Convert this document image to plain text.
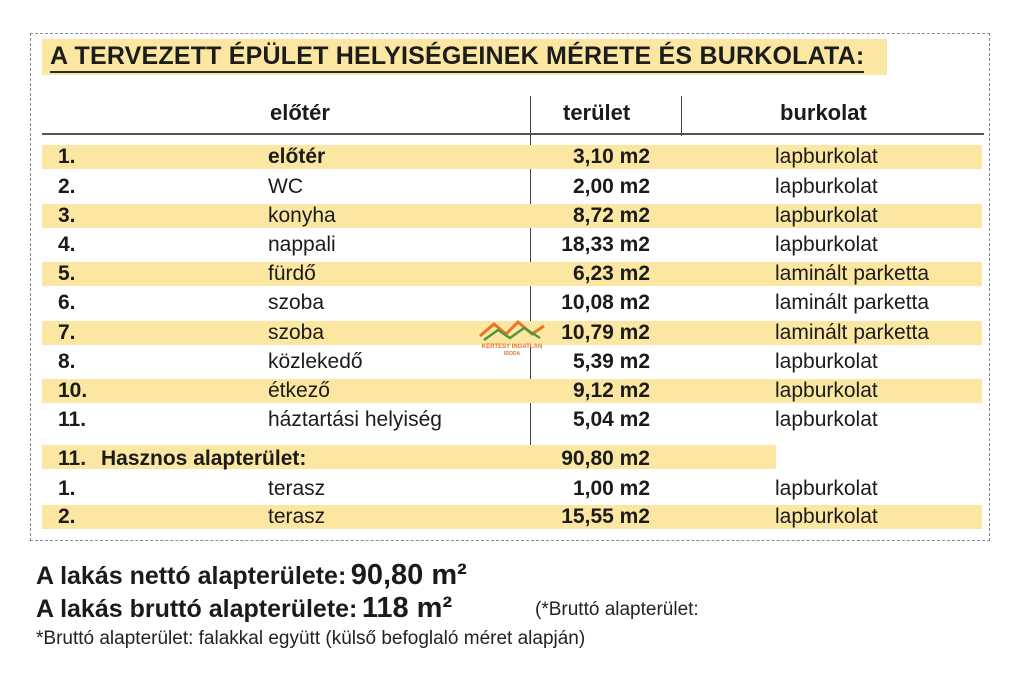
A TERVEZETT ÉPÜLET HELYISÉGEINEK MÉRETE ÉS BURKOLATA:
előtér	terület	burkolat
1.	előtér	3,10 m2	lapburkolat
2.	WC	2,00 m2	lapburkolat
3.	konyha	8,72 m2	lapburkolat
4.	nappali	18,33 m2	lapburkolat
5.	fürdő	6,23 m2	laminált parketta
6.	szoba	10,08 m2	laminált parketta
7.	szoba	10,79 m2	laminált parketta
8.	közlekedő	5,39 m2	lapburkolat
10.	étkező	9,12 m2	lapburkolat
11.	háztartási helyiség	5,04 m2	lapburkolat
11. Hasznos alapterület:	90,80 m2
1.	terasz	1,00 m2	lapburkolat
2.	terasz	15,55 m2	lapburkolat
KERTESY INGATLAN
IRODA
A lakás nettó alapterülete: 90,80 m²
A lakás bruttó alapterülete: 118 m²	(*Bruttó alapterület:
*Bruttó alapterület: falakkal együtt (külső befoglaló méret alapján)
